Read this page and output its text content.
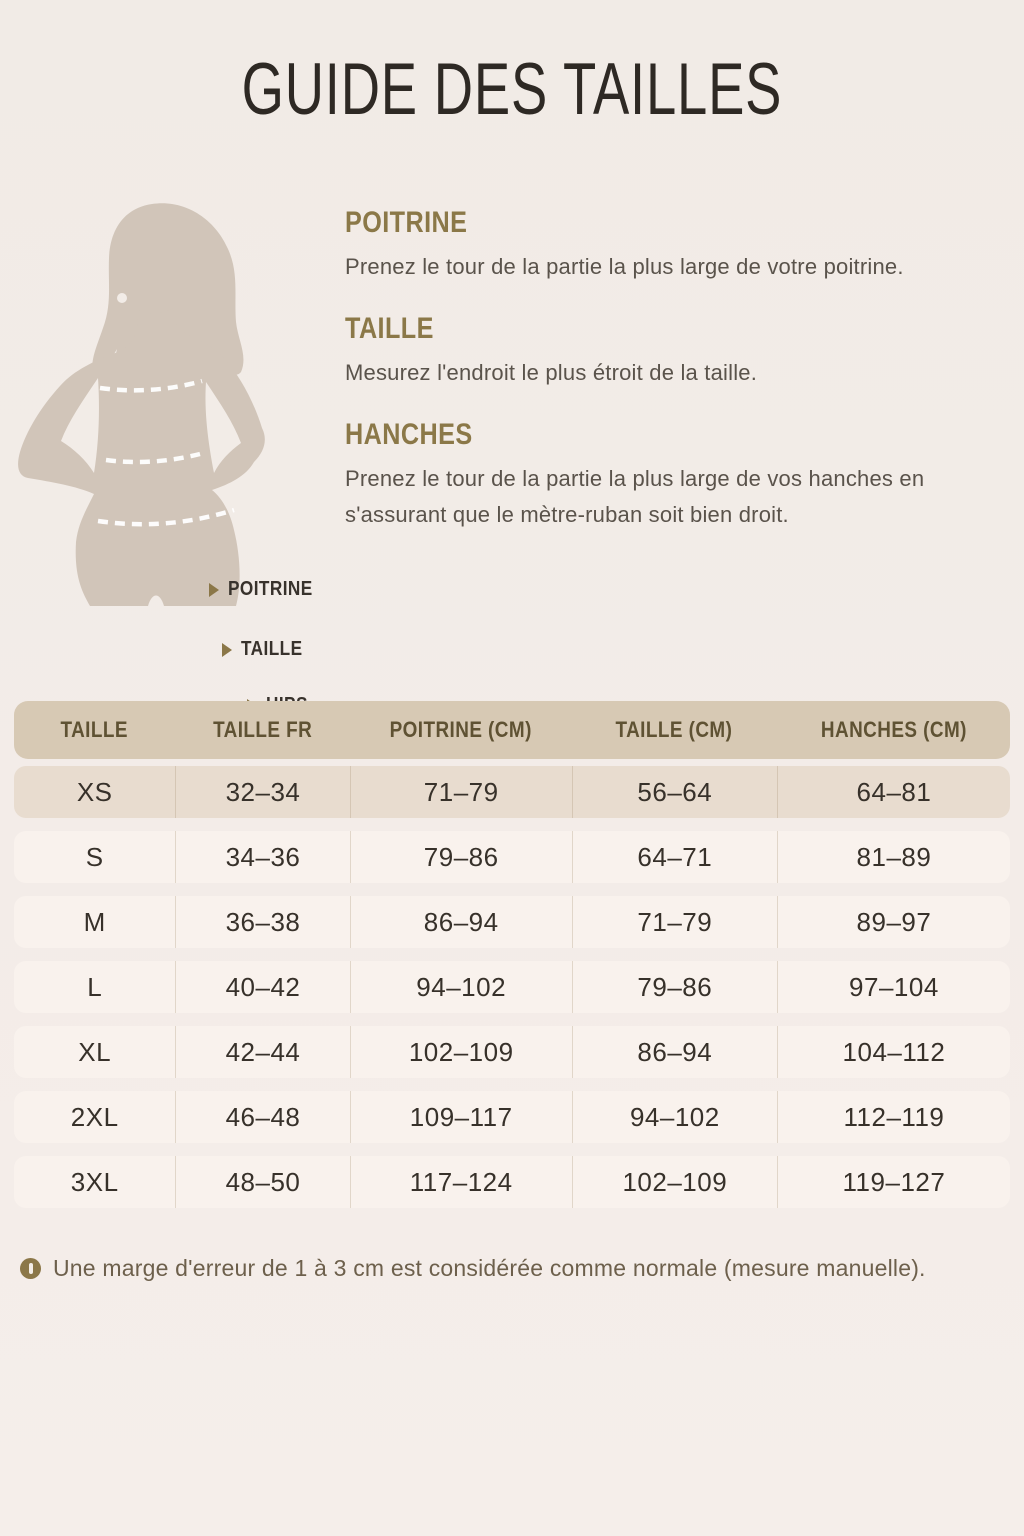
GUIDE DES TAILLES
POITRINE
TAILLE
POITRINE

Prenez le tour de la partie la plus large de votre poitrine.

TAILLE

Mesurez l'endroit le plus étroit de la taille.

HANCHES

Prenez le tour de la partie la plus large de vos hanches en s'assurant que le mètre-ruban soit bien droit.

TAILLE	TAILLE FR	POITRINE (CM)	TAILLE (CM)	HANCHES (CM)
XS	32–34	71–79	56–64	64–81
S	34–36	79–86	64–71	81–89
M	36–38	86–94	71–79	89–97
L	40–42	94–102	79–86	97–104
XL	42–44	102–109	86–94	104–112
2XL	46–48	109–117	94–102	112–119
3XL	48–50	117–124	102–109	119–127
Une marge d'erreur de 1 à 3 cm est considérée comme normale (mesure manuelle).
